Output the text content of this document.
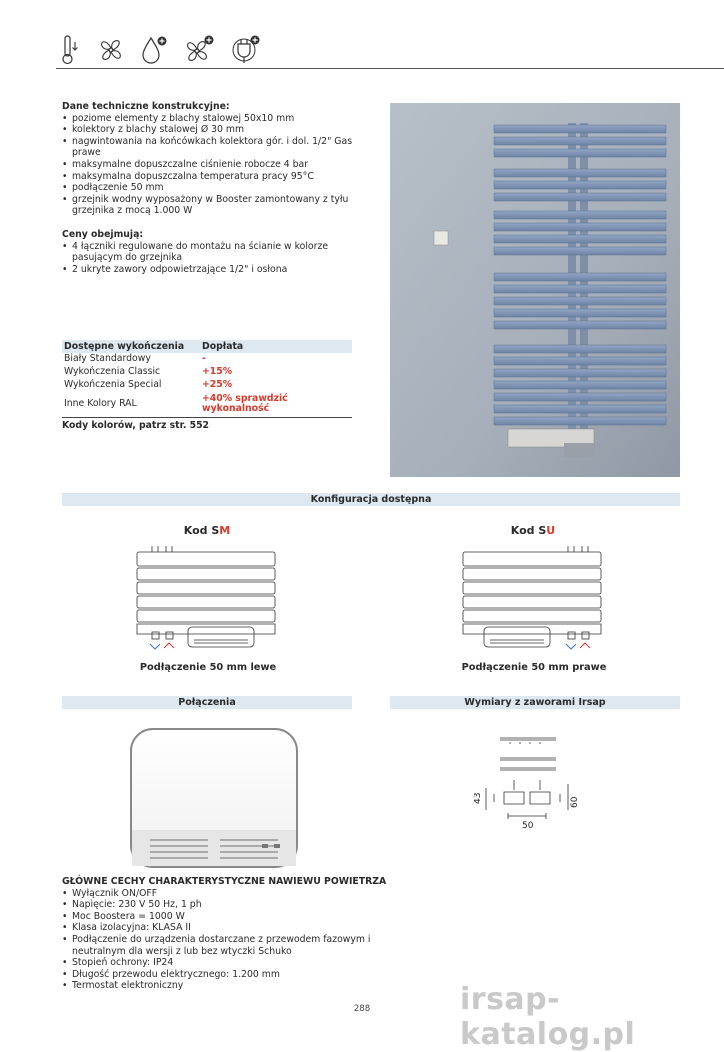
Dane techniczne konstrukcyjne:
• poziome elementy z blachy stalowej 50x10 mm
• kolektory z blachy stalowej Ø 30 mm
• nagwintowania na końcówkach kolektora gór. i dol. 1/2" Gas prawe
• maksymalne dopuszczalne ciśnienie robocze 4 bar
• maksymalna dopuszczalna temperatura pracy 95°C
• podłączenie 50 mm
• grzejnik wodny wyposażony w Booster zamontowany z tyłu grzejnika z mocą 1.000 W
Ceny obejmują:
• 4 łączniki regulowane do montażu na ścianie w kolorze pasującym do grzejnika
• 2 ukryte zawory odpowietrzające 1/2" i osłona
Dostępne wykończenia	Dopłata
Biały Standardowy	-
Wykończenia Classic	+15%
Wykończenia Special	+25%
Inne Kolory RAL	+40% sprawdzić wykonalność
Kody kolorów, patrz str. 552
Konfiguracja dostępna
Kod SM	Kod SU
Podłączenie 50 mm lewe	Podłączenie 50 mm prawe
Połączenia	Wymiary z zaworami Irsap
43	60
50
GŁÓWNE CECHY CHARAKTERYSTYCZNE NAWIEWU POWIETRZA
• Wyłącznik ON/OFF
• Napięcie: 230 V 50 Hz, 1 ph
• Moc Boostera = 1000 W
• Klasa izolacyjna: KLASA II
• Podłączenie do urządzenia dostarczane z przewodem fazowym i neutralnym dla wersji z lub bez wtyczki Schuko
• Stopień ochrony: IP24
• Długość przewodu elektrycznego: 1.200 mm
• Termostat elektroniczny
288	irsap-katalog.pl
